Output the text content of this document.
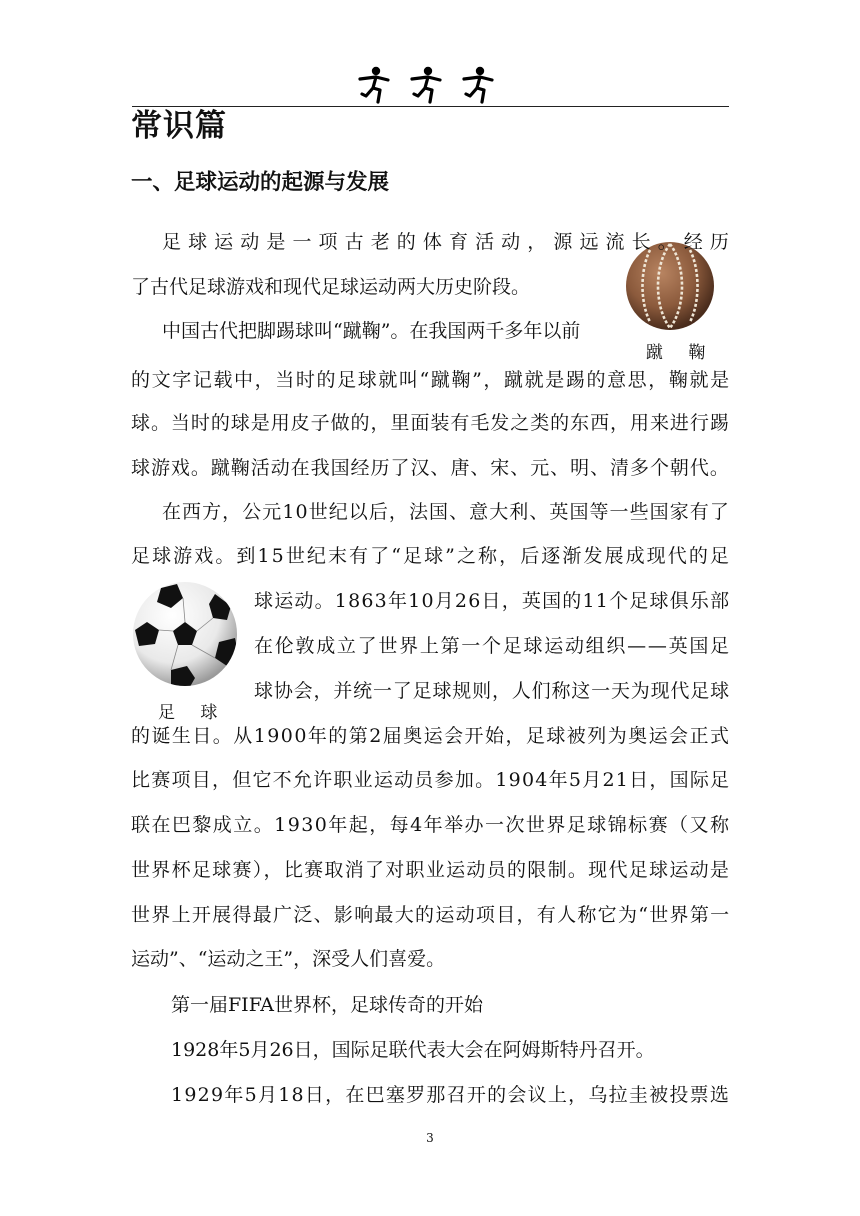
常识篇
一、足球运动的起源与发展
蹴 鞠
足 球
足球运动是一项古老的体育活动，源远流长。经历
了古代足球游戏和现代足球运动两大历史阶段。
中国古代把脚踢球叫“蹴鞠”。在我国两千多年以前
的文字记载中，当时的足球就叫“蹴鞠”，蹴就是踢的意思，鞠就是
球。当时的球是用皮子做的，里面装有毛发之类的东西，用来进行踢
球游戏。蹴鞠活动在我国经历了汉、唐、宋、元、明、清多个朝代。
在西方，公元10世纪以后，法国、意大利、英国等一些国家有了
足球游戏。到15世纪末有了“足球”之称，后逐渐发展成现代的足
球运动。1863年10月26日，英国的11个足球俱乐部
在伦敦成立了世界上第一个足球运动组织——英国足
球协会，并统一了足球规则，人们称这一天为现代足球
的诞生日。从1900年的第2届奥运会开始，足球被列为奥运会正式
比赛项目，但它不允许职业运动员参加。1904年5月21日，国际足
联在巴黎成立。1930年起，每4年举办一次世界足球锦标赛（又称
世界杯足球赛），比赛取消了对职业运动员的限制。现代足球运动是
世界上开展得最广泛、影响最大的运动项目，有人称它为“世界第一
运动”、“运动之王”，深受人们喜爱。
第一届FIFA世界杯，足球传奇的开始
1928年5月26日，国际足联代表大会在阿姆斯特丹召开。
1929年5月18日，在巴塞罗那召开的会议上，乌拉圭被投票选
3
